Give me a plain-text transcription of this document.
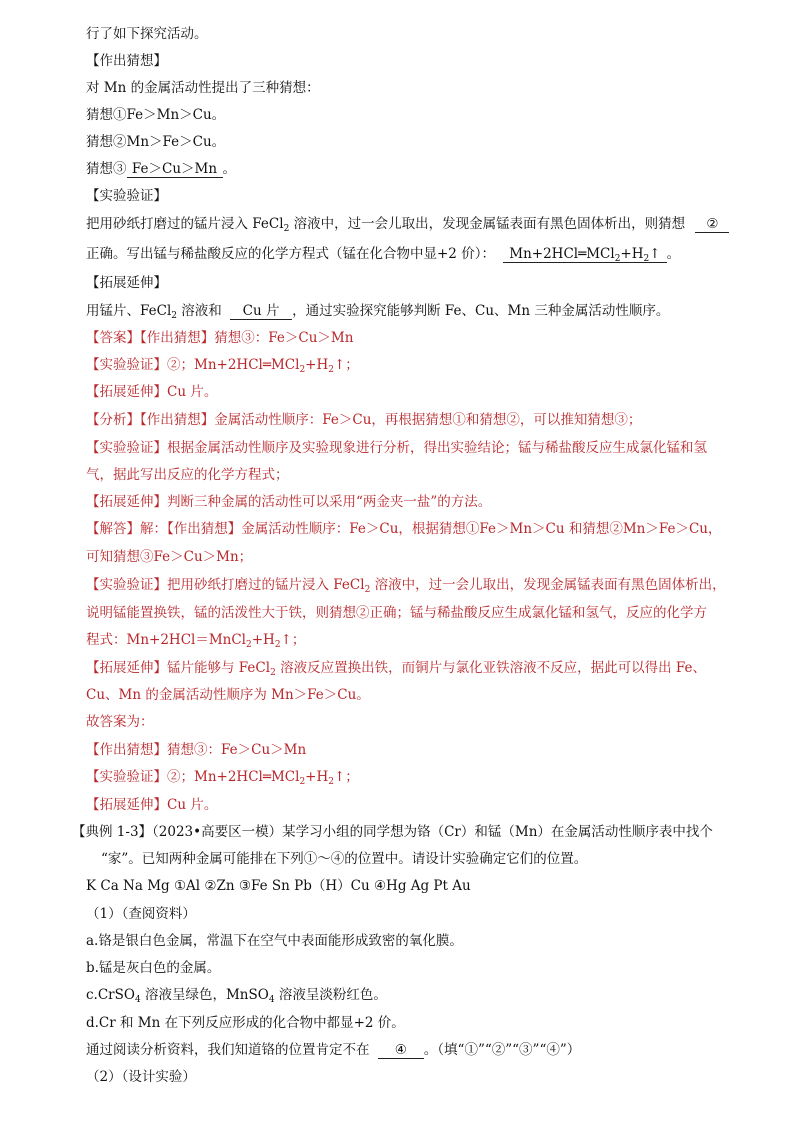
行了如下探究活动。
【作出猜想】
对 Mn 的金属活动性提出了三种猜想：
猜想①Fe＞Mn＞Cu。
猜想②Mn＞Fe＞Cu。
猜想③ Fe＞Cu＞Mn 。
【实验验证】
把用砂纸打磨过的锰片浸入 FeCl$_2$ 溶液中，过一会儿取出，发现金属锰表面有黑色固体析出，则猜想 ②
正确。写出锰与稀盐酸反应的化学方程式（锰在化合物中显+2 价）： $Mn+2HCl═MCl_2+H_2↑$ 。
【拓展延伸】
用锰片、FeCl$_2$ 溶液和 Cu 片 ，通过实验探究能够判断 Fe、Cu、Mn 三种金属活动性顺序。
【答案】【作出猜想】猜想③：Fe＞Cu＞Mn
【实验验证】②；$Mn+2HCl═MCl_2+H_2↑$；
【拓展延伸】Cu 片。
【分析】【作出猜想】金属活动性顺序：Fe＞Cu，再根据猜想①和猜想②，可以推知猜想③；
【实验验证】根据金属活动性顺序及实验现象进行分析，得出实验结论；锰与稀盐酸反应生成氯化锰和氢
气，据此写出反应的化学方程式；
【拓展延伸】判断三种金属的活动性可以采用“两金夹一盐”的方法。
【解答】解：【作出猜想】金属活动性顺序：Fe＞Cu，根据猜想①Fe＞Mn＞Cu 和猜想②Mn＞Fe＞Cu，
可知猜想③Fe＞Cu＞Mn；
【实验验证】把用砂纸打磨过的锰片浸入 FeCl$_2$ 溶液中，过一会儿取出，发现金属锰表面有黑色固体析出，
说明锰能置换铁，锰的活泼性大于铁，则猜想②正确；锰与稀盐酸反应生成氯化锰和氢气，反应的化学方
程式：$Mn+2HCl=MnCl_2+H_2↑$；
【拓展延伸】锰片能够与 FeCl$_2$ 溶液反应置换出铁，而铜片与氯化亚铁溶液不反应，据此可以得出 Fe、
Cu、Mn 的金属活动性顺序为 Mn＞Fe＞Cu。
故答案为：
【作出猜想】猜想③：Fe＞Cu＞Mn
【实验验证】②；$Mn+2HCl═MCl_2+H_2↑$；
【拓展延伸】Cu 片。
【典例 1-3】（2023•高要区一模）某学习小组的同学想为铬（Cr）和锰（Mn）在金属活动性顺序表中找个
“家”。已知两种金属可能排在下列①～④的位置中。请设计实验确定它们的位置。
K Ca Na Mg ①Al ②Zn ③Fe Sn Pb（H）Cu ④Hg Ag Pt Au
（1）（查阅资料）
a.铬是银白色金属，常温下在空气中表面能形成致密的氧化膜。
b.锰是灰白色的金属。
c.CrSO$_4$ 溶液呈绿色，MnSO$_4$ 溶液呈淡粉红色。
d.Cr 和 Mn 在下列反应形成的化合物中都显+2 价。
通过阅读分析资料，我们知道铬的位置肯定不在 ④ 。（填“①”“②”“③”“④”）
（2）（设计实验）
